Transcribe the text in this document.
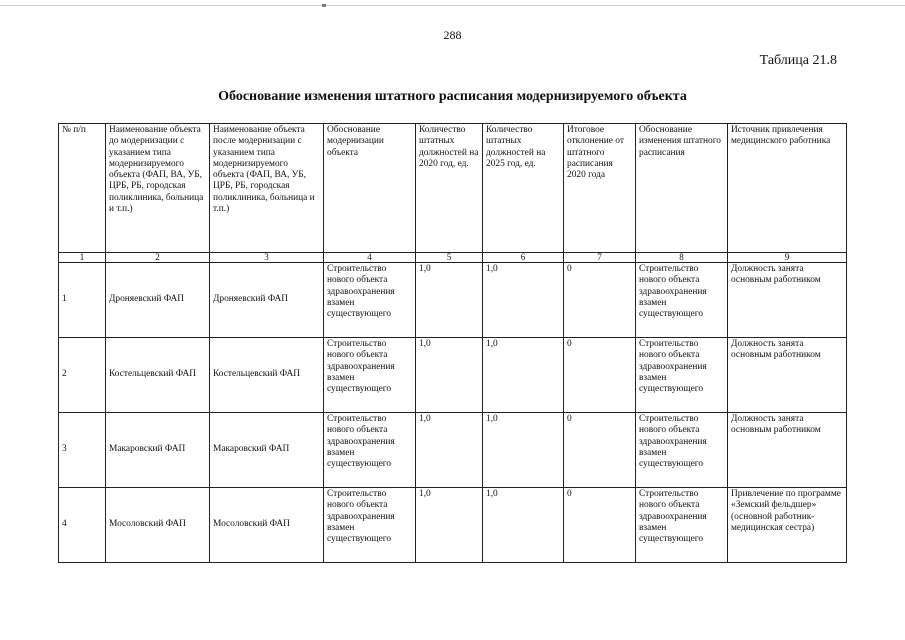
288
Таблица 21.8
Обоснование изменения штатного расписания модернизируемого объекта
№ п/п	Наименование объекта до модернизации с указанием типа модернизируемого объекта (ФАП, ВА, УБ, ЦРБ, РБ, городская поликлиника, больница и т.п.)	Наименование объекта после модернизации с указанием типа модернизируемого объекта (ФАП, ВА, УБ, ЦРБ, РБ, городская поликлиника, больница и т.п.)	Обоснование модернизации объекта	Количество штатных должностей на 2020 год, ед.	Количество штатных должностей на 2025 год, ед.	Итоговое отклонение от штатного расписания 2020 года	Обоснование изменения штатного расписания	Источник привлечения медицинского работника
1	2	3	4	5	6	7	8	9
1	Дроняевский ФАП	Дроняевский ФАП	Строительство нового объекта здравоохранения взамен существующего	1,0	1,0	0	Строительство нового объекта здравоохранения взамен существующего	Должность занята основным работником
2	Костельцевский ФАП	Костельцевский ФАП	Строительство нового объекта здравоохранения взамен существующего	1,0	1,0	0	Строительство нового объекта здравоохранения взамен существующего	Должность занята основным работником
3	Макаровский ФАП	Макаровский ФАП	Строительство нового объекта здравоохранения взамен существующего	1,0	1,0	0	Строительство нового объекта здравоохранения взамен существующего	Должность занята основным работником
4	Мосоловский ФАП	Мосоловский ФАП	Строительство нового объекта здравоохранения взамен существующего	1,0	1,0	0	Строительство нового объекта здравоохранения взамен существующего	Привлечение по программе «Земский фельдшер» (основной работник- медицинская сестра)
